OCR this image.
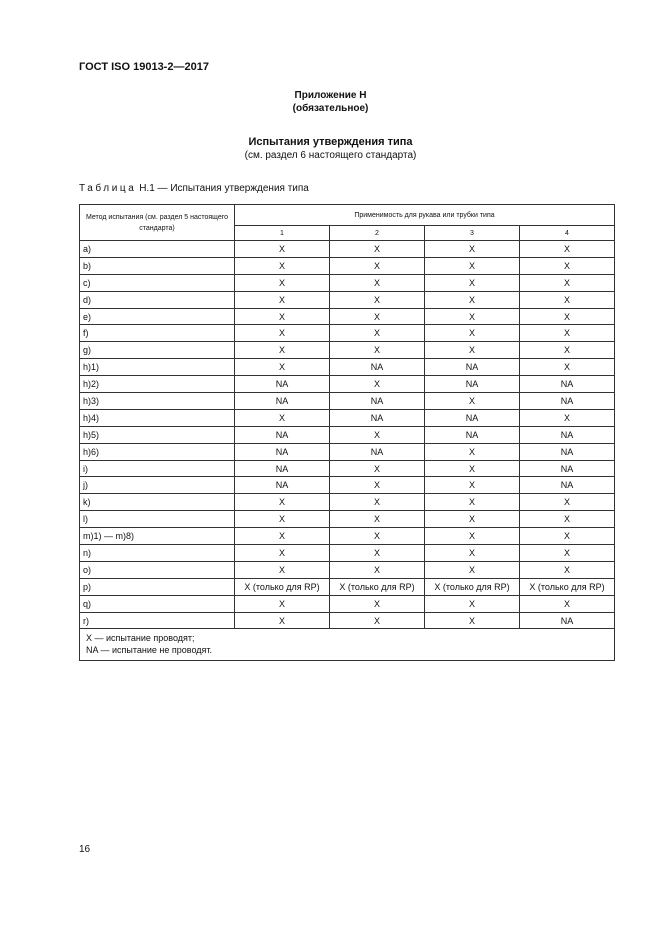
ГОСТ ISO 19013-2—2017
Приложение Н
(обязательное)
Испытания утверждения типа
(см. раздел 6 настоящего стандарта)
Таблица Н.1 — Испытания утверждения типа
Метод испытания (см. раздел 5 настоящего стандарта)	Применимость для рукава или трубки типа			
	1	2	3	4
a)	X	X	X	X
b)	X	X	X	X
c)	X	X	X	X
d)	X	X	X	X
e)	X	X	X	X
f)	X	X	X	X
g)	X	X	X	X
h)1)	X	NA	NA	X
h)2)	NA	X	NA	NA
h)3)	NA	NA	X	NA
h)4)	X	NA	NA	X
h)5)	NA	X	NA	NA
h)6)	NA	NA	X	NA
i)	NA	X	X	NA
j)	NA	X	X	NA
k)	X	X	X	X
l)	X	X	X	X
m)1) — m)8)	X	X	X	X
n)	X	X	X	X
o)	X	X	X	X
p)	X (только для RP)	X (только для RP)	X (только для RP)	X (только для RP)
q)	X	X	X	X
r)	X	X	X	NA

X — испытание проводят;
NA — испытание не проводят.				
16
